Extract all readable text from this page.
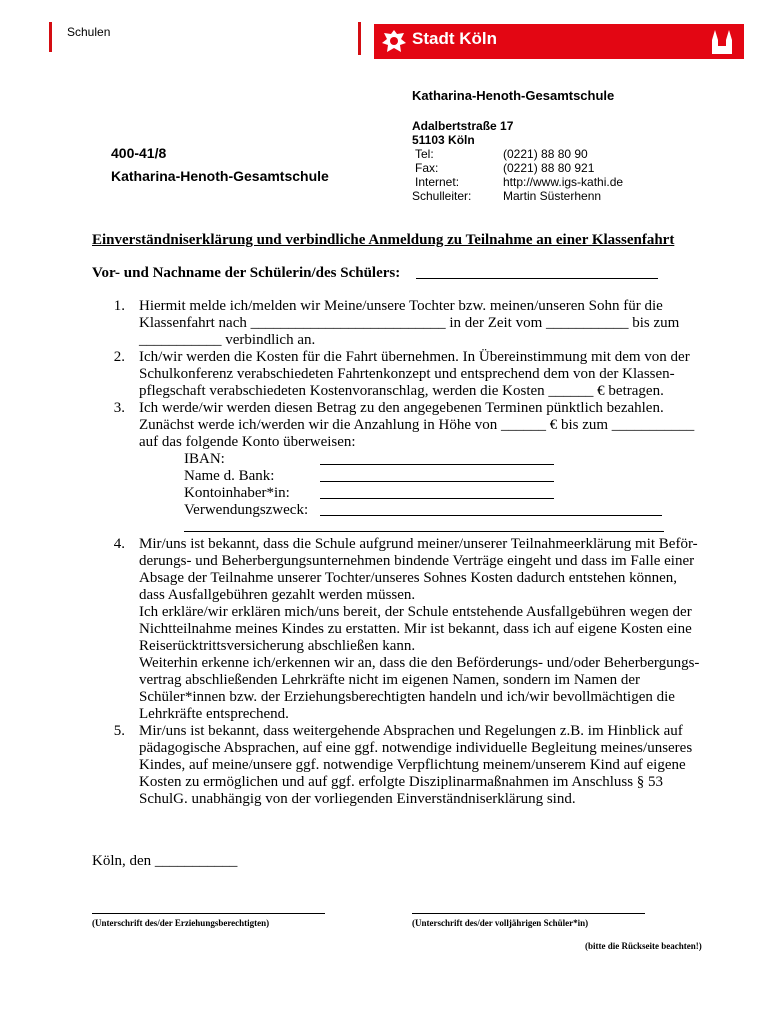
Schulen	Stadt Köln
Katharina-Henoth-Gesamtschule
Adalbertstraße 17
51103 Köln
Tel:	(0221) 88 80 90
Fax:	(0221) 88 80 921
Internet:	http://www.igs-kathi.de
Schulleiter:	Martin Süsterhenn
400-41/8
Katharina-Henoth-Gesamtschule
Einverständniserklärung und verbindliche Anmeldung zu Teilnahme an einer Klassenfahrt
Vor- und Nachname der Schülerin/des Schülers:
1. Hiermit melde ich/melden wir Meine/unsere Tochter bzw. meinen/unseren Sohn für die
Klassenfahrt nach __________________________ in der Zeit vom ___________ bis zum
___________ verbindlich an.
2. Ich/wir werden die Kosten für die Fahrt übernehmen. In Übereinstimmung mit dem von der
Schulkonferenz verabschiedeten Fahrtenkonzept und entsprechend dem von der Klassen-
pflegschaft verabschiedeten Kostenvoranschlag, werden die Kosten ______ € betragen.
3. Ich werde/wir werden diesen Betrag zu den angegebenen Terminen pünktlich bezahlen.
Zunächst werde ich/werden wir die Anzahlung in Höhe von ______ € bis zum ___________
auf das folgende Konto überweisen:
IBAN:
Name d. Bank:
Kontoinhaber*in:
Verwendungszweck:
4. Mir/uns ist bekannt, dass die Schule aufgrund meiner/unserer Teilnahmeerklärung mit Beför-
derungs- und Beherbergungsunternehmen bindende Verträge eingeht und dass im Falle einer
Absage der Teilnahme unserer Tochter/unseres Sohnes Kosten dadurch entstehen können,
dass Ausfallgebühren gezahlt werden müssen.
Ich erkläre/wir erklären mich/uns bereit, der Schule entstehende Ausfallgebühren wegen der
Nichtteilnahme meines Kindes zu erstatten. Mir ist bekannt, dass ich auf eigene Kosten eine
Reiserücktrittsversicherung abschließen kann.
Weiterhin erkenne ich/erkennen wir an, dass die den Beförderungs- und/oder Beherbergungs-
vertrag abschließenden Lehrkräfte nicht im eigenen Namen, sondern im Namen der
Schüler*innen bzw. der Erziehungsberechtigten handeln und ich/wir bevollmächtigen die
Lehrkräfte entsprechend.
5. Mir/uns ist bekannt, dass weitergehende Absprachen und Regelungen z.B. im Hinblick auf
pädagogische Absprachen, auf eine ggf. notwendige individuelle Begleitung meines/unseres
Kindes, auf meine/unsere ggf. notwendige Verpflichtung meinem/unserem Kind auf eigene
Kosten zu ermöglichen und auf ggf. erfolgte Disziplinarmaßnahmen im Anschluss § 53
SchulG. unabhängig von der vorliegenden Einverständniserklärung sind.
Köln, den ___________
(Unterschrift des/der Erziehungsberechtigten)	(Unterschrift des/der volljährigen Schüler*in)
(bitte die Rückseite beachten!)
